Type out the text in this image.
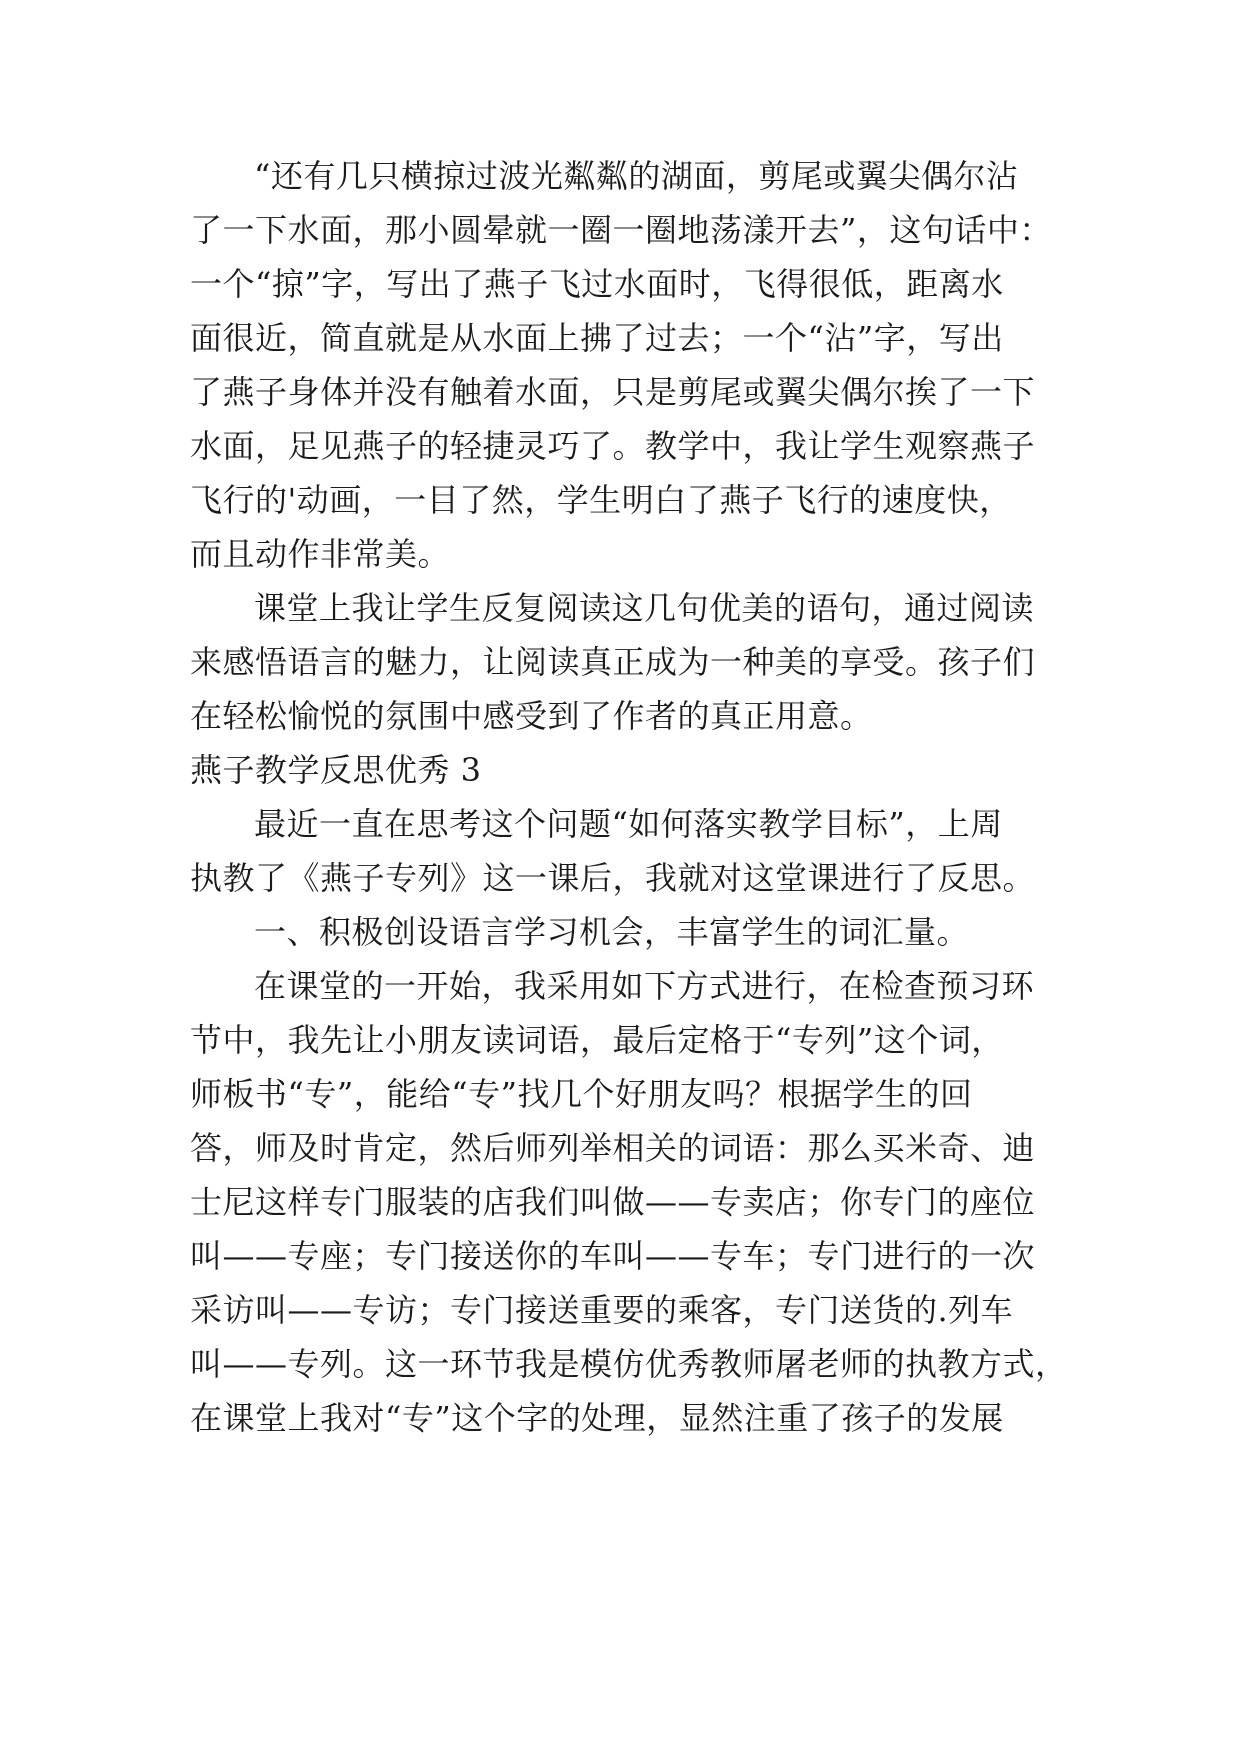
“还有几只横掠过波光粼粼的湖面，剪尾或翼尖偶尔沾
了一下水面，那小圆晕就一圈一圈地荡漾开去”，这句话中：
一个“掠”字，写出了燕子飞过水面时，飞得很低，距离水
面很近，简直就是从水面上拂了过去；一个“沾”字，写出
了燕子身体并没有触着水面，只是剪尾或翼尖偶尔挨了一下
水面，足见燕子的轻捷灵巧了。教学中，我让学生观察燕子
飞行的'动画，一目了然，学生明白了燕子飞行的速度快，
而且动作非常美。
课堂上我让学生反复阅读这几句优美的语句，通过阅读
来感悟语言的魅力，让阅读真正成为一种美的享受。孩子们
在轻松愉悦的氛围中感受到了作者的真正用意。
燕子教学反思优秀 3
最近一直在思考这个问题“如何落实教学目标”，上周
执教了《燕子专列》这一课后，我就对这堂课进行了反思。
一、积极创设语言学习机会，丰富学生的词汇量。
在课堂的一开始，我采用如下方式进行，在检查预习环
节中，我先让小朋友读词语，最后定格于“专列”这个词，
师板书“专”，能给“专”找几个好朋友吗？根据学生的回
答，师及时肯定，然后师列举相关的词语：那么买米奇、迪
士尼这样专门服装的店我们叫做——专卖店；你专门的座位
叫——专座；专门接送你的车叫——专车；专门进行的一次
采访叫——专访；专门接送重要的乘客，专门送货的.列车
叫——专列。这一环节我是模仿优秀教师屠老师的执教方式，
在课堂上我对“专”这个字的处理，显然注重了孩子的发展
